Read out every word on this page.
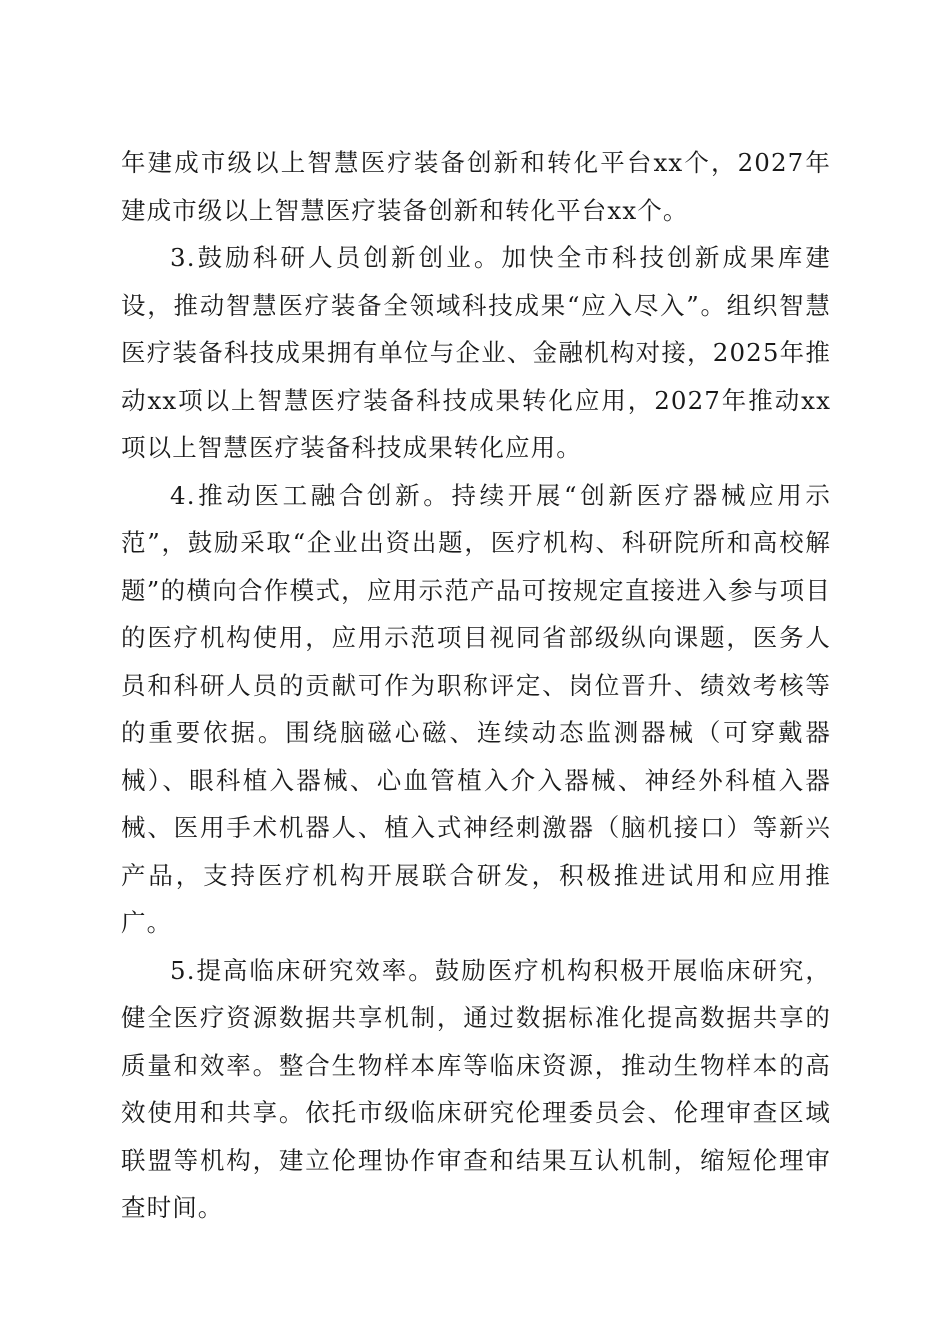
年建成市级以上智慧医疗装备创新和转化平台xx个，2027年建成市级以上智慧医疗装备创新和转化平台xx个。

3.鼓励科研人员创新创业。加快全市科技创新成果库建设，推动智慧医疗装备全领域科技成果“应入尽入”。组织智慧医疗装备科技成果拥有单位与企业、金融机构对接，2025年推动xx项以上智慧医疗装备科技成果转化应用，2027年推动xx项以上智慧医疗装备科技成果转化应用。

4.推动医工融合创新。持续开展“创新医疗器械应用示范”，鼓励采取“企业出资出题，医疗机构、科研院所和高校解题”的横向合作模式，应用示范产品可按规定直接进入参与项目的医疗机构使用，应用示范项目视同省部级纵向课题，医务人员和科研人员的贡献可作为职称评定、岗位晋升、绩效考核等的重要依据。围绕脑磁心磁、连续动态监测器械（可穿戴器械）、眼科植入器械、心血管植入介入器械、神经外科植入器械、医用手术机器人、植入式神经刺激器（脑机接口）等新兴产品，支持医疗机构开展联合研发，积极推进试用和应用推广。

5.提高临床研究效率。鼓励医疗机构积极开展临床研究，健全医疗资源数据共享机制，通过数据标准化提高数据共享的质量和效率。整合生物样本库等临床资源，推动生物样本的高效使用和共享。依托市级临床研究伦理委员会、伦理审查区域联盟等机构，建立伦理协作审查和结果互认机制，缩短伦理审查时间。
